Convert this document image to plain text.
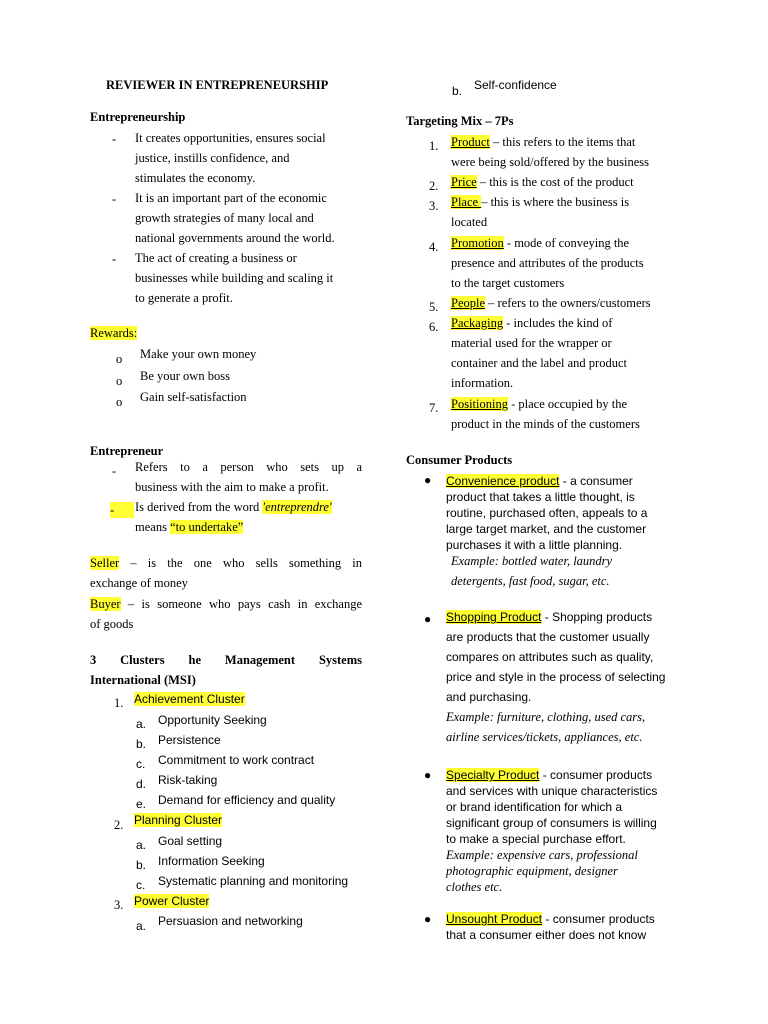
REVIEWER IN ENTREPRENEURSHIP
Entrepreneurship
- It creates opportunities, ensures social
justice, instills confidence, and
stimulates the economy.
- It is an important part of the economic
growth strategies of many local and
national governments around the world.
- The act of creating a business or
businesses while building and scaling it
to generate a profit.
Rewards:
o Make your own money
o Be your own boss
o Gain self-satisfaction
Entrepreneur
- Refers to a person who sets up a
business with the aim to make a profit.
-	Is derived from the word 'entreprendre'
means “to undertake”
Seller – is the one who sells something in
exchange of money
Buyer – is someone who pays cash in exchange
of goods
3 Clusters he Management Systems
International (MSI)
1. Achievement Cluster
a. Opportunity Seeking
b. Persistence
c. Commitment to work contract
d. Risk-taking
e. Demand for efficiency and quality
2. Planning Cluster
a. Goal setting
b. Information Seeking
c. Systematic planning and monitoring
3. Power Cluster
a. Persuasion and networking
b. Self-confidence
Targeting Mix – 7Ps
1. Product – this refers to the items that
were being sold/offered by the business
2. Price – this is the cost of the product
3. Place – this is where the business is
located
4. Promotion - mode of conveying the
presence and attributes of the products
to the target customers
5. People – refers to the owners/customers
6. Packaging - includes the kind of
material used for the wrapper or
container and the label and product
information.
7. Positioning - place occupied by the
product in the minds of the customers
Consumer Products
● Convenience product - a consumer
product that takes a little thought, is
routine, purchased often, appeals to a
large target market, and the customer
purchases it with a little planning.
Example: bottled water, laundry
detergents, fast food, sugar, etc.
● Shopping Product - Shopping products
are products that the customer usually
compares on attributes such as quality,
price and style in the process of selecting
and purchasing.
Example: furniture, clothing, used cars,
airline services/tickets, appliances, etc.
● Specialty Product - consumer products
and services with unique characteristics
or brand identification for which a
significant group of consumers is willing
to make a special purchase effort.
Example: expensive cars, professional
photographic equipment, designer
clothes etc.
● Unsought Product - consumer products
that a consumer either does not know
